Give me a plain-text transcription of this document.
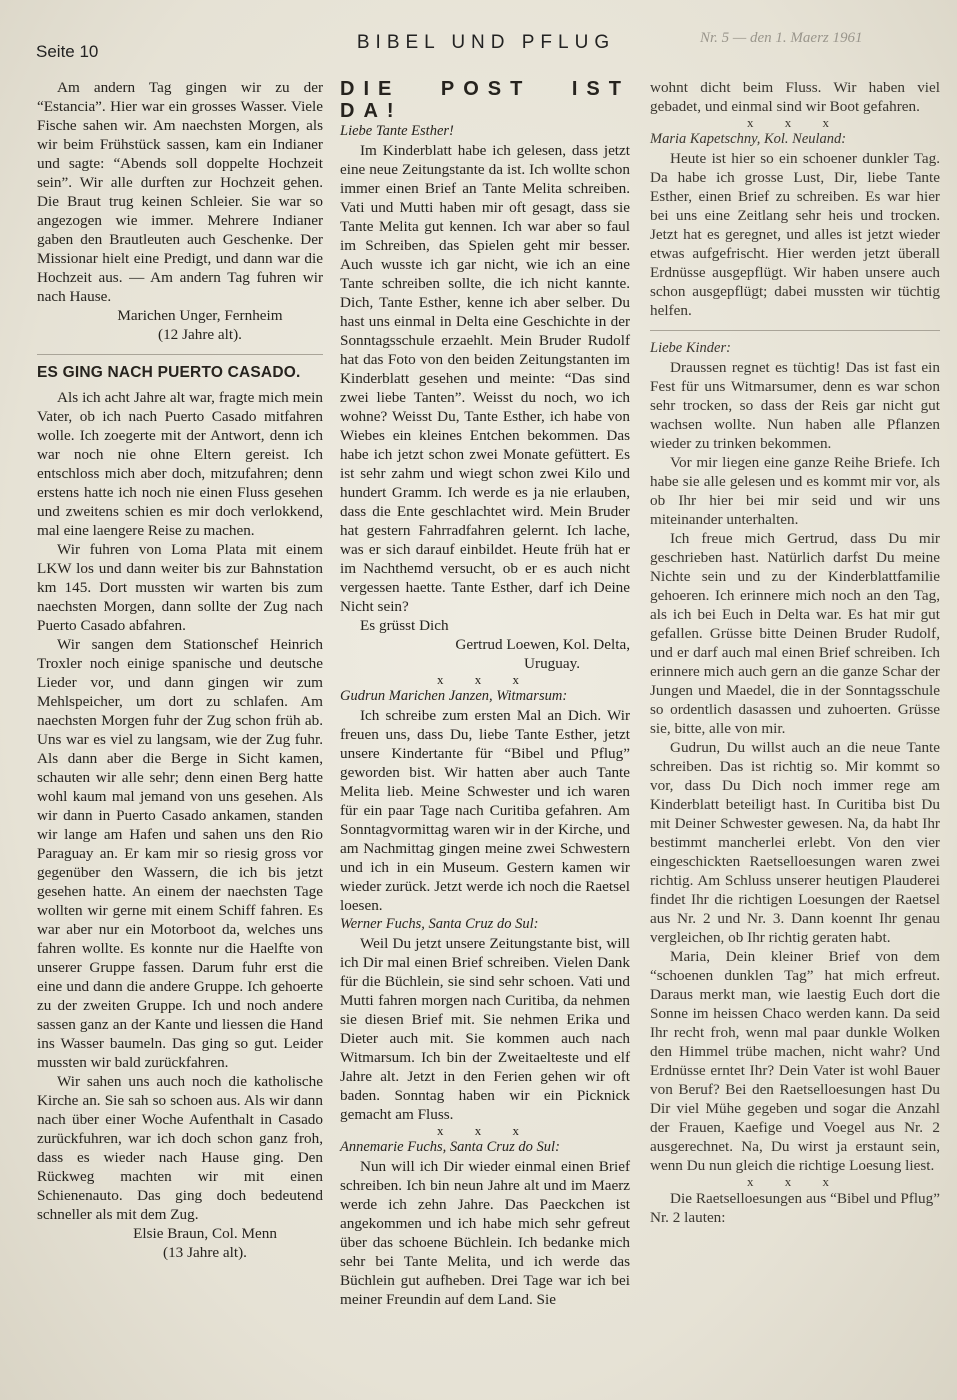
Seite 10	BIBEL UND PFLUG	Nr. 5 — den 1. Maerz 1961

Am andern Tag gingen wir zu der “Estancia”. Hier war ein grosses Wasser. Viele Fische sahen wir. Am naechsten Morgen, als wir beim Frühstück sassen, kam ein Indianer und sagte: “Abends soll doppelte Hochzeit sein”. Wir alle durften zur Hochzeit gehen. Die Braut trug keinen Schleier. Sie war so angezogen wie immer. Mehrere Indianer gaben den Brautleuten auch Geschenke. Der Missionar hielt eine Predigt, und dann war die Hochzeit aus. — Am andern Tag fuhren wir nach Hause.

Marichen Unger, Fernheim

(12 Jahre alt).

ES GING NACH PUERTO CASADO.

Als ich acht Jahre alt war, fragte mich mein Vater, ob ich nach Puerto Casado mitfahren wolle. Ich zoegerte mit der Antwort, denn ich war noch nie ohne Eltern gereist. Ich entschloss mich aber doch, mitzufahren; denn erstens hatte ich noch nie einen Fluss gesehen und zweitens schien es mir doch verlokkend, mal eine laengere Reise zu machen.

Wir fuhren von Loma Plata mit einem LKW los und dann weiter bis zur Bahnstation km 145. Dort mussten wir warten bis zum naechsten Morgen, dann sollte der Zug nach Puerto Casado abfahren.

Wir sangen dem Stationschef Heinrich Troxler noch einige spanische und deutsche Lieder vor, und dann gingen wir zum Mehlspeicher, um dort zu schlafen. Am naechsten Morgen fuhr der Zug schon früh ab. Uns war es viel zu langsam, wie der Zug fuhr. Als dann aber die Berge in Sicht kamen, schauten wir alle sehr; denn einen Berg hatte wohl kaum mal jemand von uns gesehen. Als wir dann in Puerto Casado ankamen, standen wir lange am Hafen und sahen uns den Rio Paraguay an. Er kam mir so riesig gross vor gegenüber den Wassern, die ich bis jetzt gesehen hatte. An einem der naechsten Tage wollten wir gerne mit einem Schiff fahren. Es war aber nur ein Motorboot da, welches uns fahren wollte. Es konnte nur die Haelfte von unserer Gruppe fassen. Darum fuhr erst die eine und dann die andere Gruppe. Ich gehoerte zu der zweiten Gruppe. Ich und noch andere sassen ganz an der Kante und liessen die Hand ins Wasser baumeln. Das ging so gut. Leider mussten wir bald zurückfahren.

Wir sahen uns auch noch die katholische Kirche an. Sie sah so schoen aus. Als wir dann nach über einer Woche Aufenthalt in Casado zurückfuhren, war ich doch schon ganz froh, dass es wieder nach Hause ging. Den Rückweg machten wir mit einen Schienenauto. Das ging doch bedeutend schneller als mit dem Zug.

Elsie Braun, Col. Menn

(13 Jahre alt).

DIE POST IST DA!

Liebe Tante Esther!

Im Kinderblatt habe ich gelesen, dass jetzt eine neue Zeitungstante da ist. Ich wollte schon immer einen Brief an Tante Melita schreiben. Vati und Mutti haben mir oft gesagt, dass sie Tante Melita gut kennen. Ich war aber so faul im Schreiben, das Spielen geht mir besser. Auch wusste ich gar nicht, wie ich an eine Tante schreiben sollte, die ich nicht kannte. Dich, Tante Esther, kenne ich aber selber. Du hast uns einmal in Delta eine Geschichte in der Sonntagsschule erzaehlt. Mein Bruder Rudolf hat das Foto von den beiden Zeitungstanten im Kinderblatt gesehen und meinte: “Das sind zwei liebe Tanten”. Weisst du noch, wo ich wohne? Weisst Du, Tante Esther, ich habe von Wiebes ein kleines Entchen bekommen. Das habe ich jetzt schon zwei Monate gefüttert. Es ist sehr zahm und wiegt schon zwei Kilo und hundert Gramm. Ich werde es ja nie erlauben, dass die Ente geschlachtet wird. Mein Bruder hat gestern Fahrradfahren gelernt. Ich lache, was er sich darauf einbildet. Heute früh hat er im Nachthemd versucht, ob er es auch nicht vergessen haette. Tante Esther, darf ich Deine Nicht sein?

Es grüsst Dich

Gertrud Loewen, Kol. Delta,

Uruguay.

x x x

Gudrun Marichen Janzen, Witmarsum:

Ich schreibe zum ersten Mal an Dich. Wir freuen uns, dass Du, liebe Tante Esther, jetzt unsere Kindertante für “Bibel und Pflug” geworden bist. Wir hatten aber auch Tante Melita lieb. Meine Schwester und ich waren für ein paar Tage nach Curitiba gefahren. Am Sonntagvormittag waren wir in der Kirche, und am Nachmittag gingen meine zwei Schwestern und ich in ein Museum. Gestern kamen wir wieder zurück. Jetzt werde ich noch die Raetsel loesen.

Werner Fuchs, Santa Cruz do Sul:

Weil Du jetzt unsere Zeitungstante bist, will ich Dir mal einen Brief schreiben. Vielen Dank für die Büchlein, sie sind sehr schoen. Vati und Mutti fahren morgen nach Curitiba, da nehmen sie diesen Brief mit. Sie nehmen Erika und Dieter auch mit. Sie kommen auch nach Witmarsum. Ich bin der Zweitaelteste und elf Jahre alt. Jetzt in den Ferien gehen wir oft baden. Sonntag haben wir ein Picknick gemacht am Fluss.

x x x

Annemarie Fuchs, Santa Cruz do Sul:

Nun will ich Dir wieder einmal einen Brief schreiben. Ich bin neun Jahre alt und im Maerz werde ich zehn Jahre. Das Paeckchen ist angekommen und ich habe mich sehr gefreut über das schoene Büchlein. Ich bedanke mich sehr bei Tante Melita, und ich werde das Büchlein gut aufheben. Drei Tage war ich bei meiner Freundin auf dem Land. Sie

wohnt dicht beim Fluss. Wir haben viel gebadet, und einmal sind wir Boot gefahren.

x x x

Maria Kapetschny, Kol. Neuland:

Heute ist hier so ein schoener dunkler Tag. Da habe ich grosse Lust, Dir, liebe Tante Esther, einen Brief zu schreiben. Es war hier bei uns eine Zeitlang sehr heis und trocken. Jetzt hat es geregnet, und alles ist jetzt wieder etwas aufgefrischt. Hier werden jetzt überall Erdnüsse ausgepflügt. Wir haben unsere auch schon ausgepflügt; dabei mussten wir tüchtig helfen.

Liebe Kinder:

Draussen regnet es tüchtig! Das ist fast ein Fest für uns Witmarsumer, denn es war schon sehr trocken, so dass der Reis gar nicht gut wachsen wollte. Nun haben alle Pflanzen wieder zu trinken bekommen.

Vor mir liegen eine ganze Reihe Briefe. Ich habe sie alle gelesen und es kommt mir vor, als ob Ihr hier bei mir seid und wir uns miteinander unterhalten.

Ich freue mich Gertrud, dass Du mir geschrieben hast. Natürlich darfst Du meine Nichte sein und zu der Kinderblattfamilie gehoeren. Ich erinnere mich noch an den Tag, als ich bei Euch in Delta war. Es hat mir gut gefallen. Grüsse bitte Deinen Bruder Rudolf, und er darf auch mal einen Brief schreiben. Ich erinnere mich auch gern an die ganze Schar der Jungen und Maedel, die in der Sonntagsschule so ordentlich dasassen und zuhoerten. Grüsse sie, bitte, alle von mir.

Gudrun, Du willst auch an die neue Tante schreiben. Das ist richtig so. Mir kommt so vor, dass Du Dich noch immer rege am Kinderblatt beteiligt hast. In Curitiba bist Du mit Deiner Schwester gewesen. Na, da habt Ihr bestimmt mancherlei erlebt. Von den vier eingeschickten Raetselloesungen waren zwei richtig. Am Schluss unserer heutigen Plauderei findet Ihr die richtigen Loesungen der Raetsel aus Nr. 2 und Nr. 3. Dann koennt Ihr genau vergleichen, ob Ihr richtig geraten habt.

Maria, Dein kleiner Brief von dem “schoenen dunklen Tag” hat mich erfreut. Daraus merkt man, wie laestig Euch dort die Sonne im heissen Chaco werden kann. Da seid Ihr recht froh, wenn mal paar dunkle Wolken den Himmel trübe machen, nicht wahr? Und Erdnüsse erntet Ihr? Dein Vater ist wohl Bauer von Beruf? Bei den Raetselloesungen hast Du Dir viel Mühe gegeben und sogar die Anzahl der Frauen, Kaefige und Voegel aus Nr. 2 ausgerechnet. Na, Du wirst ja erstaunt sein, wenn Du nun gleich die richtige Loesung liest.

x x x

Die Raetselloesungen aus “Bibel und Pflug” Nr. 2 lauten:
